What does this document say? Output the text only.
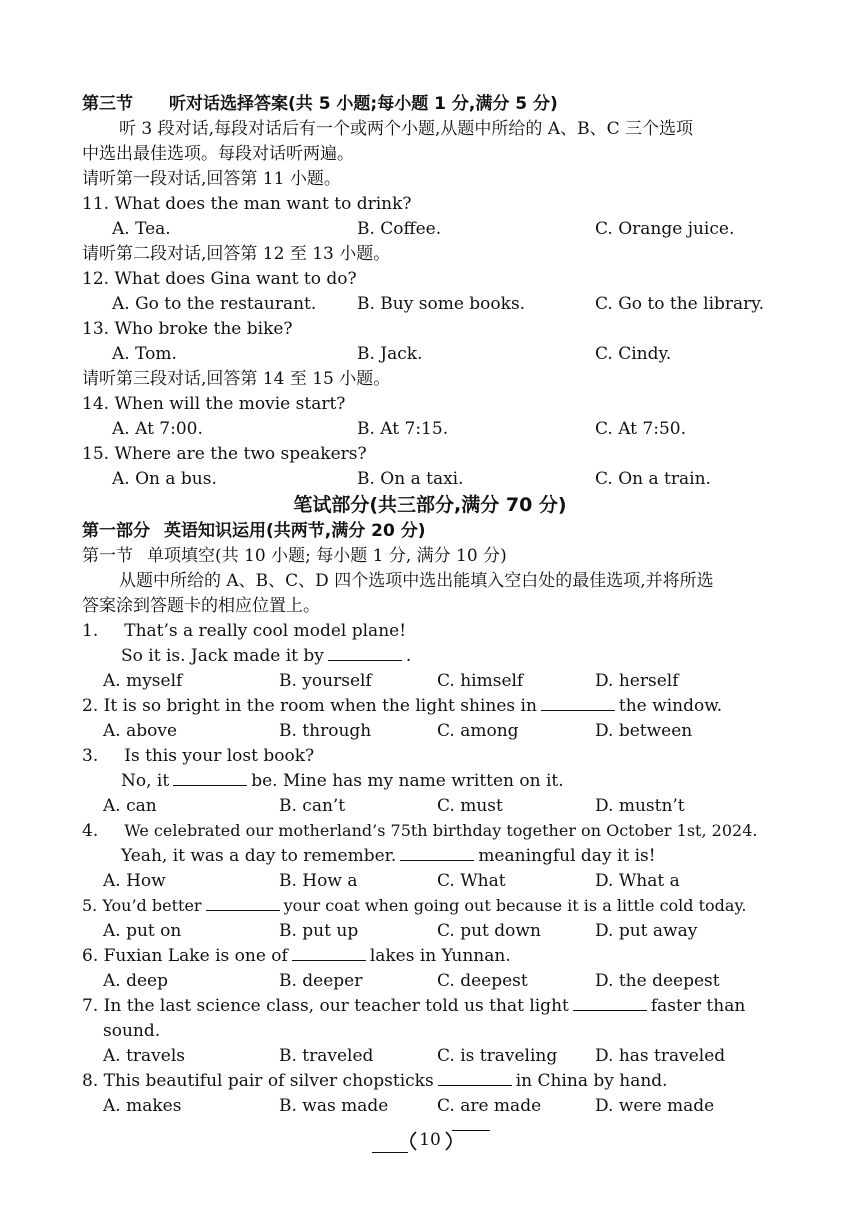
第三节 听对话选择答案(共 5 小题;每小题 1 分,满分 5 分)
听 3 段对话,每段对话后有一个或两个小题,从题中所给的 A、B、C 三个选项
中选出最佳选项。每段对话听两遍。
请听第一段对话,回答第 11 小题。
11. What does the man want to drink?
A. Tea.	B. Coffee.	C. Orange juice.
请听第二段对话,回答第 12 至 13 小题。
12. What does Gina want to do?
A. Go to the restaurant. B. Buy some books.	C. Go to the library.
13. Who broke the bike?
A. Tom.	B. Jack.	C. Cindy.
请听第三段对话,回答第 14 至 15 小题。
14. When will the movie start?
A. At 7:00.	B. At 7:15.	C. At 7:50.
15. Where are the two speakers?
A. On a bus.	B. On a taxi.	C. On a train.
笔试部分(共三部分,满分 70 分)
第一部分 英语知识运用(共两节,满分 20 分)
第一节 单项填空(共 10 小题; 每小题 1 分, 满分 10 分)
从题中所给的 A、B、C、D 四个选项中选出能填入空白处的最佳选项,并将所选
答案涂到答题卡的相应位置上。
1. That’s a really cool model plane!
So it is. Jack made it by	.
A. myself	B. yourself	C. himself	D. herself
2. It is so bright in the room when the light shines in	the window.
A. above	B. through	C. among	D. between
3. Is this your lost book?
No, it	be. Mine has my name written on it.
A. can	B. can’t	C. must	D. mustn’t
4. We celebrated our motherland’s 75th birthday together on October 1st, 2024.
Yeah, it was a day to remember.	meaningful day it is!
A. How	B. How a	C. What	D. What a
5. You’d better	your coat when going out because it is a little cold today.
A. put on	B. put up	C. put down	D. put away
6. Fuxian Lake is one of	lakes in Yunnan.
A. deep	B. deeper	C. deepest	D. the deepest
7. In the last science class, our teacher told us that light	faster than
sound.
A. travels	B. traveled	C. is traveling D. has traveled
8. This beautiful pair of silver chopsticks	in China by hand.
A. makes	B. was made	C. are made	D. were made
10
